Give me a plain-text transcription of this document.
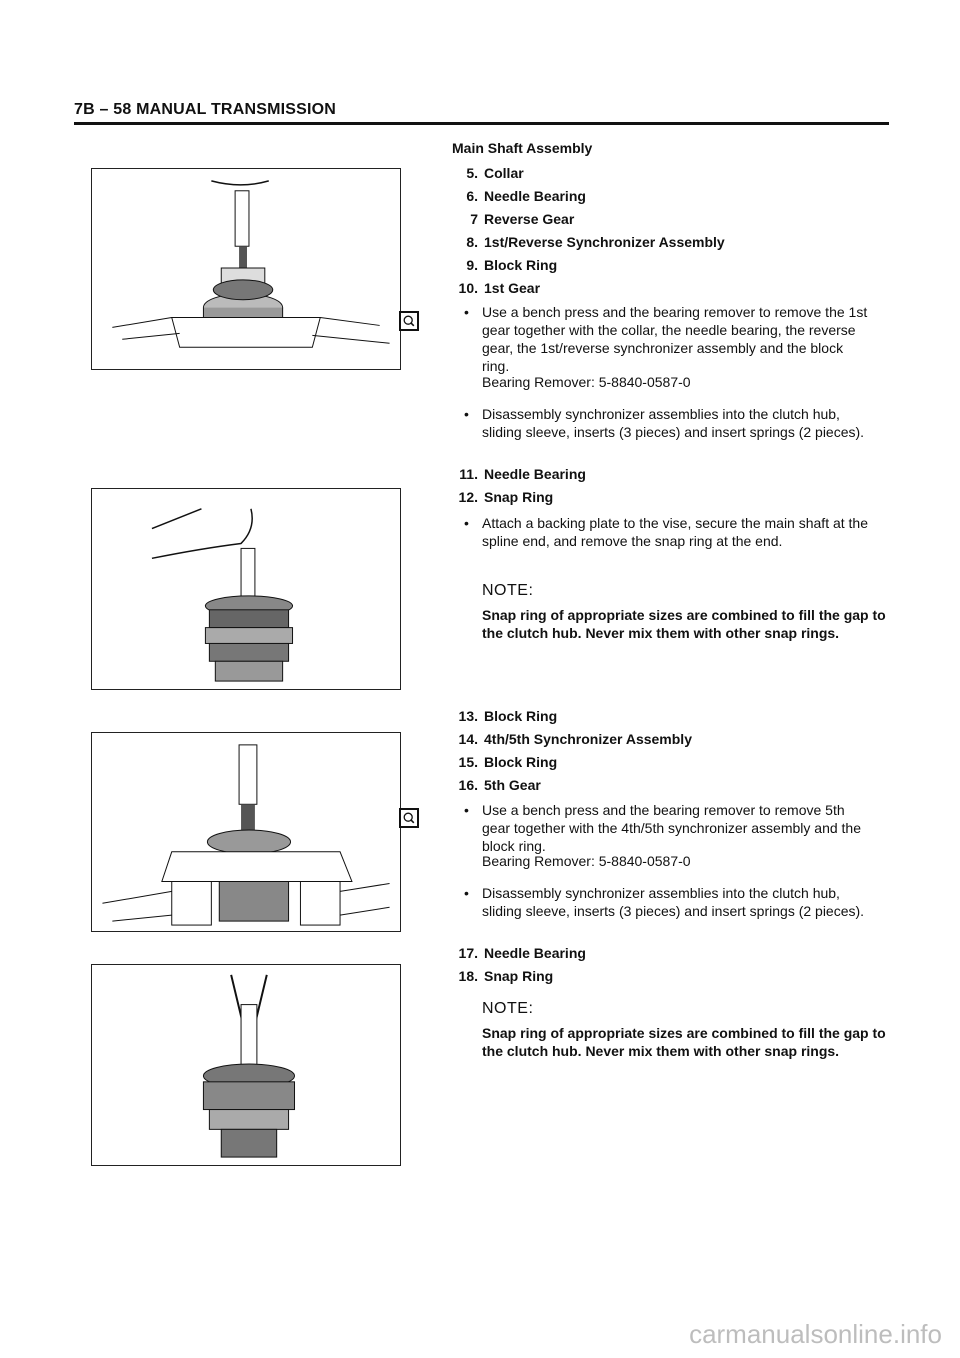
7B – 58 MANUAL TRANSMISSION
Main Shaft Assembly
5. Collar
6. Needle Bearing
7 Reverse Gear
8. 1st/Reverse Synchronizer Assembly
9. Block Ring
10. 1st Gear
• Use a bench press and the bearing remover to remove the 1st gear together with the collar, the needle bearing, the reverse gear, the 1st/reverse synchronizer assembly and the block ring.
Bearing Remover: 5-8840-0587-0
• Disassembly synchronizer assemblies into the clutch hub, sliding sleeve, inserts (3 pieces) and insert springs (2 pieces).
11. Needle Bearing
12. Snap Ring
• Attach a backing plate to the vise, secure the main shaft at the spline end, and remove the snap ring at the end.
NOTE:
Snap ring of appropriate sizes are combined to fill the gap to the clutch hub. Never mix them with other snap rings.
13. Block Ring
14. 4th/5th Synchronizer Assembly
15. Block Ring
16. 5th Gear
• Use a bench press and the bearing remover to remove 5th gear together with the 4th/5th synchronizer assembly and the block ring.
Bearing Remover: 5-8840-0587-0
• Disassembly synchronizer assemblies into the clutch hub, sliding sleeve, inserts (3 pieces) and insert springs (2 pieces).
17. Needle Bearing
18. Snap Ring
NOTE:
Snap ring of appropriate sizes are combined to fill the gap to the clutch hub. Never mix them with other snap rings.
carmanualsonline.info
